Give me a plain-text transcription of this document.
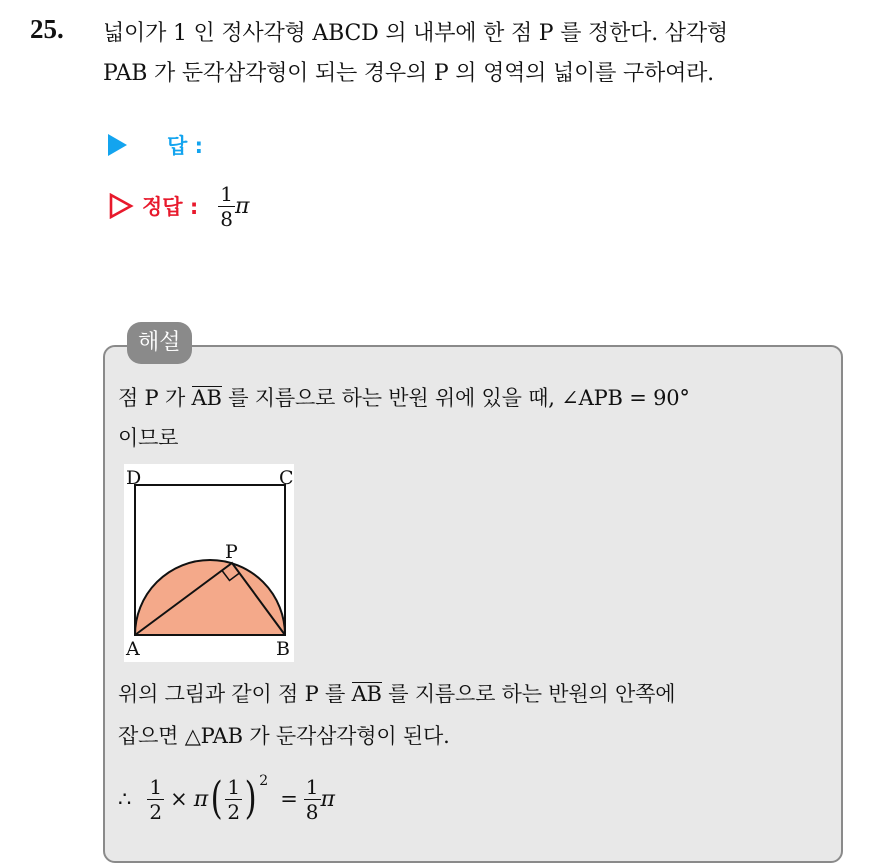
25. 넓이가 1 인 정사각형 ABCD 의 내부에 한 점 P 를 정한다. 삼각형
PAB 가 둔각삼각형이 되는 경우의 P 의 영역의 넓이를 구하여라.
답 :
정답 : $\frac{1}{8}$ π
해설
점 P 가 AB 를 지름으로 하는 반원 위에 있을 때, ∠APB = 90°
이므로
D	C
P
A	B
위의 그림과 같이 점 P 를 AB 를 지름으로 하는 반원의 안쪽에
잡으면 △PAB 가 둔각삼각형이 된다.
∴ $\frac{1}{2} \times \pi$ ( $\frac{1}{2}$ ) 2
= $\frac{1}{8}$ π
